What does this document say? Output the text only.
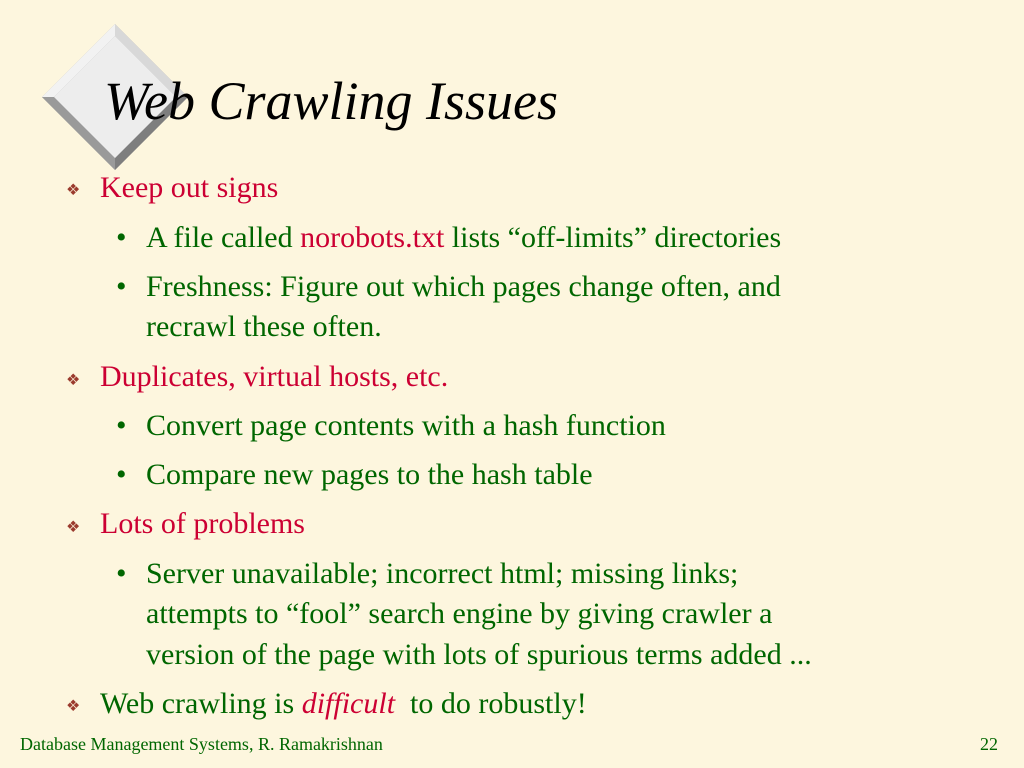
Web Crawling Issues
❖ Keep out signs
• A file called norobots.txt lists “off-limits” directories
• Freshness: Figure out which pages change often, and
recrawl these often.
❖ Duplicates, virtual hosts, etc.
• Convert page contents with a hash function
• Compare new pages to the hash table
❖ Lots of problems
• Server unavailable; incorrect html; missing links;
attempts to “fool” search engine by giving crawler a
version of the page with lots of spurious terms added ...
❖ Web crawling is difficult  to do robustly!
Database Management Systems, R. Ramakrishnan	22
